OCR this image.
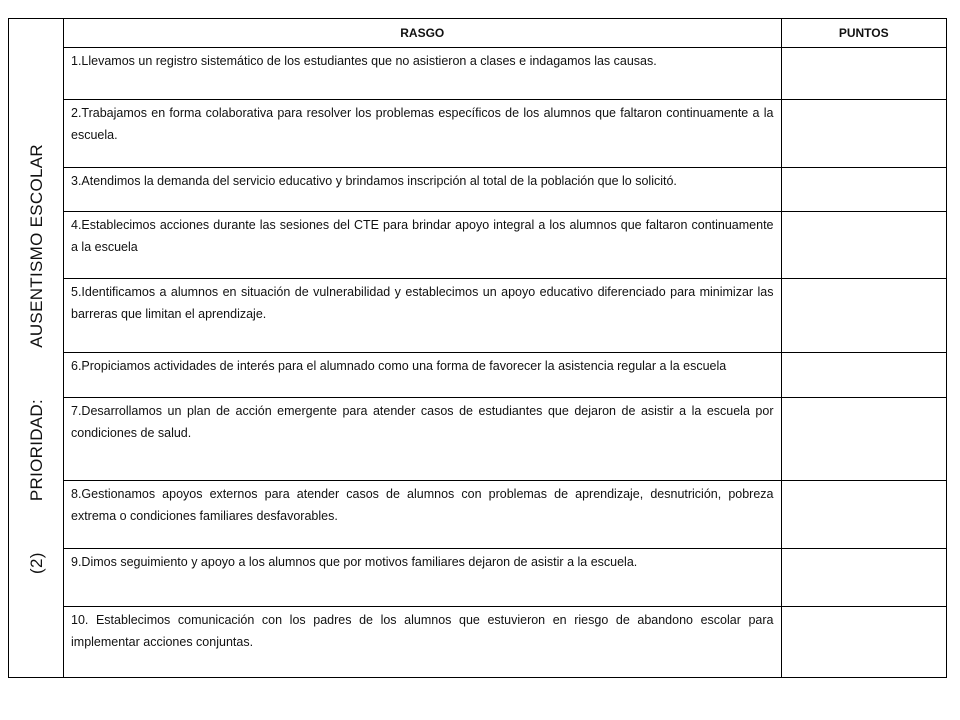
(2)
PRIORIDAD:
AUSENTISMO ESCOLAR
RASGO	PUNTOS
1.Llevamos un registro sistemático de los estudiantes que no asistieron a clases e indagamos las causas.	
2.Trabajamos en forma colaborativa para resolver los problemas específicos de los alumnos que faltaron continuamente a la escuela.	
3.Atendimos la demanda del servicio educativo y brindamos inscripción al total de la población que lo solicitó.	
4.Establecimos acciones durante las sesiones del CTE para brindar apoyo integral a los alumnos que faltaron continuamente a la escuela	
5.Identificamos a alumnos en situación de vulnerabilidad y establecimos un apoyo educativo diferenciado para minimizar las barreras que limitan el aprendizaje.	
6.Propiciamos actividades de interés para el alumnado como una forma de favorecer la asistencia regular a la escuela	
7.Desarrollamos un plan de acción emergente para atender casos de estudiantes que dejaron de asistir a la escuela por condiciones de salud.	
8.Gestionamos apoyos externos para atender casos de alumnos con problemas de aprendizaje, desnutrición, pobreza extrema o condiciones familiares desfavorables.	
9.Dimos seguimiento y apoyo a los alumnos que por motivos familiares dejaron de asistir a la escuela.	
10. Establecimos comunicación con los padres de los alumnos que estuvieron en riesgo de abandono escolar para implementar acciones conjuntas.	
